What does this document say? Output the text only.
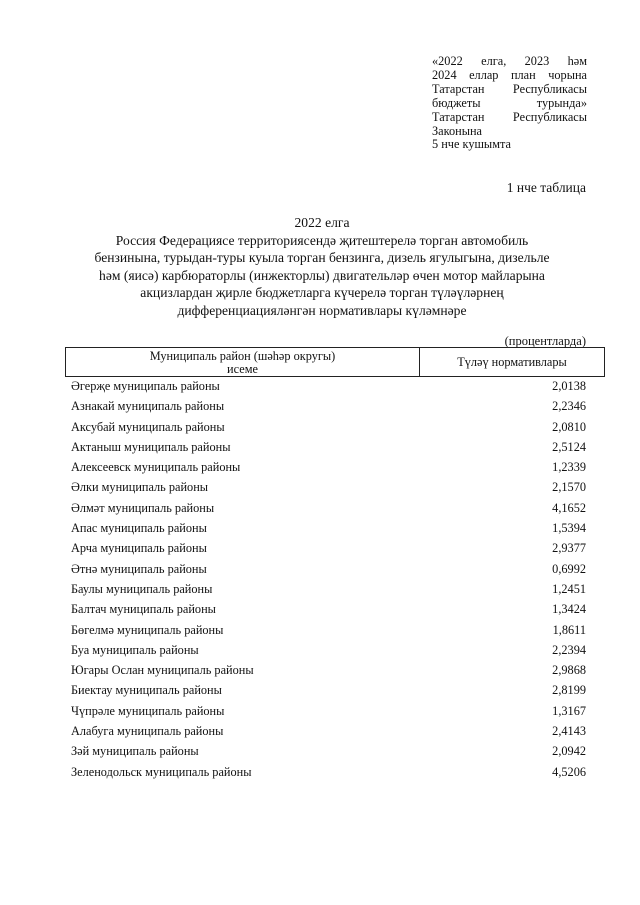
«2022 елга, 2023 һәм
2024 еллар план чорына
Татарстан Республикасы
бюджеты турында»
Татарстан Республикасы
Законына
5 нче кушымта
1 нче таблица
2022 елга
Россия Федерациясе территориясендә җитештерелә торган автомобиль
бензинына, турыдан-туры куыла торган бензинга, дизель ягулыгына, дизельле
һәм (яисә) карбюраторлы (инжекторлы) двигательләр өчен мотор майларына
акцизлардан җирле бюджетларга күчерелә торган түләүләрнең
дифференциацияләнгән нормативлары күләмнәре
(процентларда)
Муниципаль район (шәһәр округы)
исеме	Түләү нормативлары
Әгерҗе муниципаль районы	2,0138
Азнакай муниципаль районы	2,2346
Аксубай муниципаль районы	2,0810
Актаныш муниципаль районы	2,5124
Алексеевск муниципаль районы	1,2339
Әлки муниципаль районы	2,1570
Әлмәт муниципаль районы	4,1652
Апас муниципаль районы	1,5394
Арча муниципаль районы	2,9377
Әтнә муниципаль районы	0,6992
Баулы муниципаль районы	1,2451
Балтач муниципаль районы	1,3424
Бөгелмә муниципаль районы	1,8611
Буа муниципаль районы	2,2394
Югары Ослан муниципаль районы	2,9868
Биектау муниципаль районы	2,8199
Чүпрәле муниципаль районы	1,3167
Алабуга муниципаль районы	2,4143
Зәй муниципаль районы	2,0942
Зеленодольск муниципаль районы	4,5206
